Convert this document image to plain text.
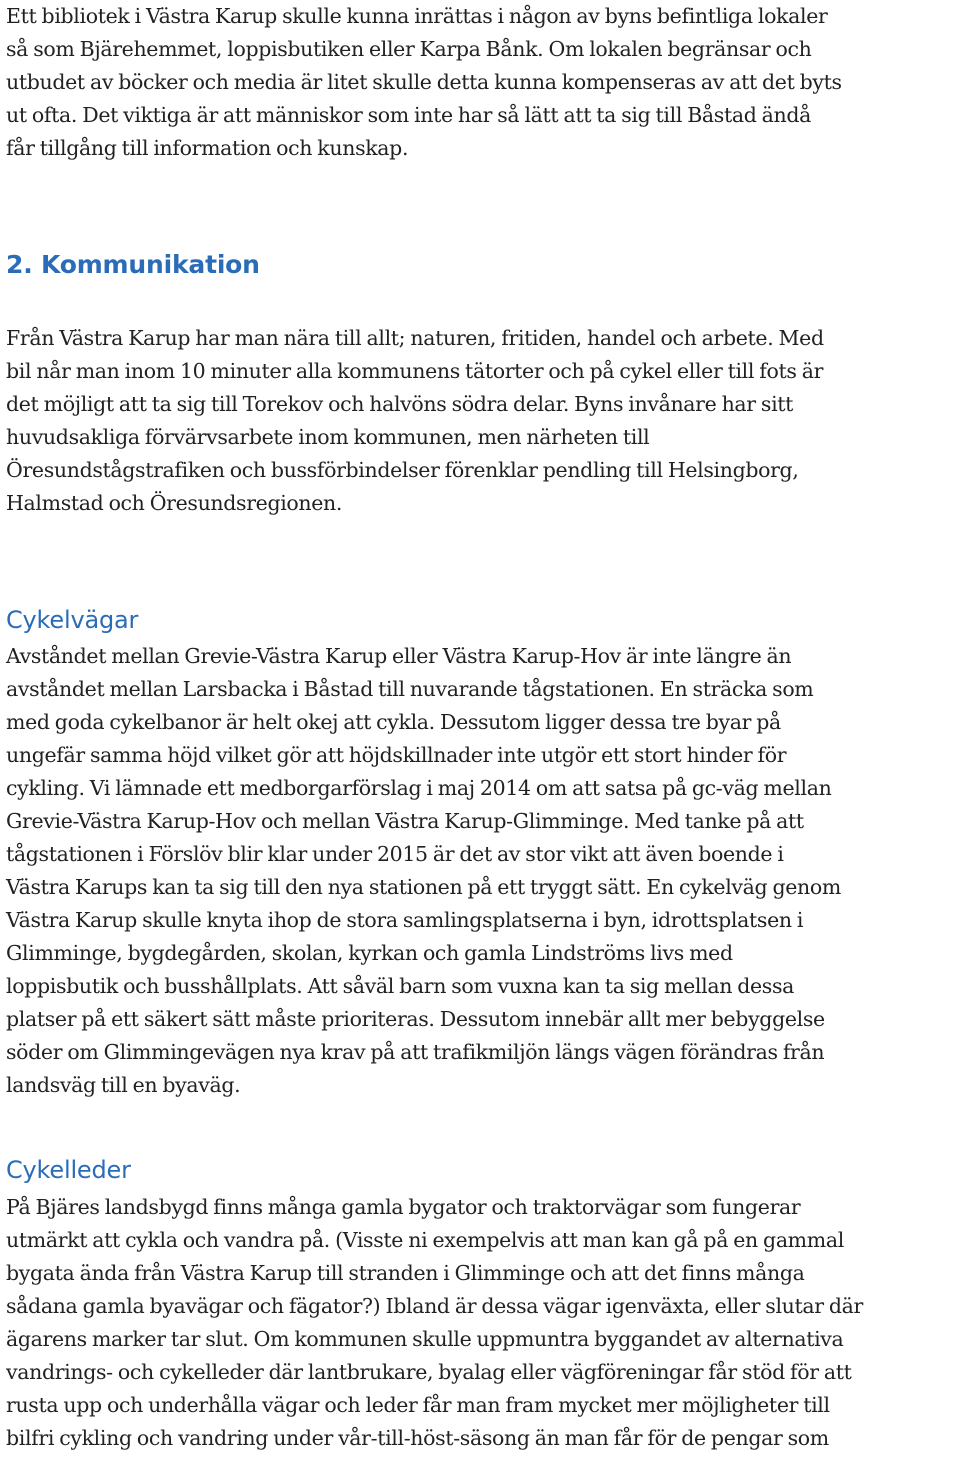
Ett bibliotek i Västra Karup skulle kunna inrättas i någon av byns befintliga lokaler
så som Bjärehemmet, loppisbutiken eller Karpa Bånk. Om lokalen begränsar och
utbudet av böcker och media är litet skulle detta kunna kompenseras av att det byts
ut ofta. Det viktiga är att människor som inte har så lätt att ta sig till Båstad ändå
får tillgång till information och kunskap.

2. Kommunikation

Från Västra Karup har man nära till allt; naturen, fritiden, handel och arbete. Med
bil når man inom 10 minuter alla kommunens tätorter och på cykel eller till fots är
det möjligt att ta sig till Torekov och halvöns södra delar. Byns invånare har sitt
huvudsakliga förvärvsarbete inom kommunen, men närheten till
Öresundstågstrafiken och bussförbindelser förenklar pendling till Helsingborg,
Halmstad och Öresundsregionen.

Cykelvägar

Avståndet mellan Grevie-Västra Karup eller Västra Karup-Hov är inte längre än
avståndet mellan Larsbacka i Båstad till nuvarande tågstationen. En sträcka som
med goda cykelbanor är helt okej att cykla. Dessutom ligger dessa tre byar på
ungefär samma höjd vilket gör att höjdskillnader inte utgör ett stort hinder för
cykling. Vi lämnade ett medborgarförslag i maj 2014 om att satsa på gc-väg mellan
Grevie-Västra Karup-Hov och mellan Västra Karup-Glimminge. Med tanke på att
tågstationen i Förslöv blir klar under 2015 är det av stor vikt att även boende i
Västra Karups kan ta sig till den nya stationen på ett tryggt sätt. En cykelväg genom
Västra Karup skulle knyta ihop de stora samlingsplatserna i byn, idrottsplatsen i
Glimminge, bygdegården, skolan, kyrkan och gamla Lindströms livs med
loppisbutik och busshållplats. Att såväl barn som vuxna kan ta sig mellan dessa
platser på ett säkert sätt måste prioriteras. Dessutom innebär allt mer bebyggelse
söder om Glimmingevägen nya krav på att trafikmiljön längs vägen förändras från
landsväg till en byaväg.

Cykelleder

På Bjäres landsbygd finns många gamla bygator och traktorvägar som fungerar
utmärkt att cykla och vandra på. (Visste ni exempelvis att man kan gå på en gammal
bygata ända från Västra Karup till stranden i Glimminge och att det finns många
sådana gamla byavägar och fägator?) Ibland är dessa vägar igenväxta, eller slutar där
ägarens marker tar slut. Om kommunen skulle uppmuntra byggandet av alternativa
vandrings- och cykelleder där lantbrukare, byalag eller vägföreningar får stöd för att
rusta upp och underhålla vägar och leder får man fram mycket mer möjligheter till
bilfri cykling och vandring under vår-till-höst-säsong än man får för de pengar som
